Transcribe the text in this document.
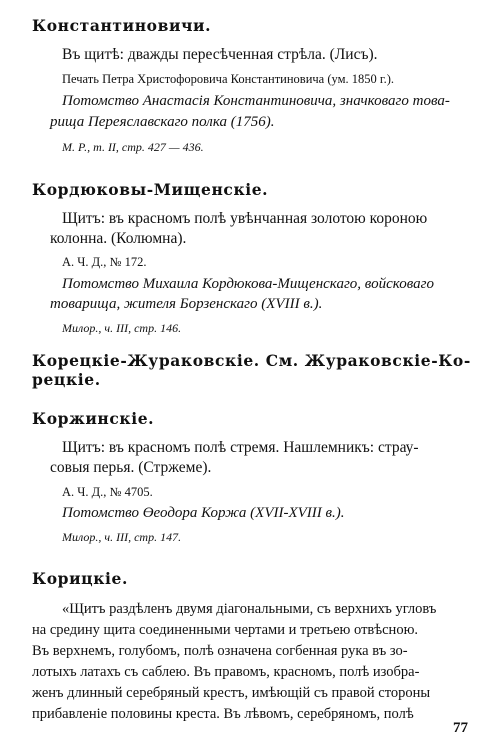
Константиновичи.
Въ щитѣ: дважды пересѣченная стрѣла. (Лисъ).
Печать Петра Христофоровича Константиновича (ум. 1850 г.).
Потомство Анастасія Константиновича, значковаго това-
рища Переяславскаго полка (1756).
М. Р., т. II, стр. 427 — 436.
Кордюковы-Мищенскіе.
Щитъ: въ красномъ полѣ увѣнчанная золотою короною
колонна. (Колюмна).
А. Ч. Д., № 172.
Потомство Михаила Кордюкова-Мищенскаго, войсковаго
товарища, жителя Борзенскаго (XVIII в.).
Милор., ч. III, стр. 146.
Корецкіе-Жураковскіе. См. Жураковскіе-Ко-
рецкіе.
Коржинскіе.
Щитъ: въ красномъ полѣ стремя. Нашлемникъ: страу-
совыя перья. (Стржеме).
А. Ч. Д., № 4705.
Потомство Өеодора Коржа (XVII-XVIII в.).
Милор., ч. III, стр. 147.
Корицкіе.
«Щитъ раздѣленъ двумя діагональными, съ верхнихъ угловъ
на средину щита соединенными чертами и третьею отвѣсною.
Въ верхнемъ, голубомъ, полѣ означена согбенная рука въ зо-
лотыхъ латахъ съ саблею. Въ правомъ, красномъ, полѣ изобра-
женъ длинный серебряный крестъ, имѣющій съ правой стороны
прибавленіе половины креста. Въ лѣвомъ, серебряномъ, полѣ
77
